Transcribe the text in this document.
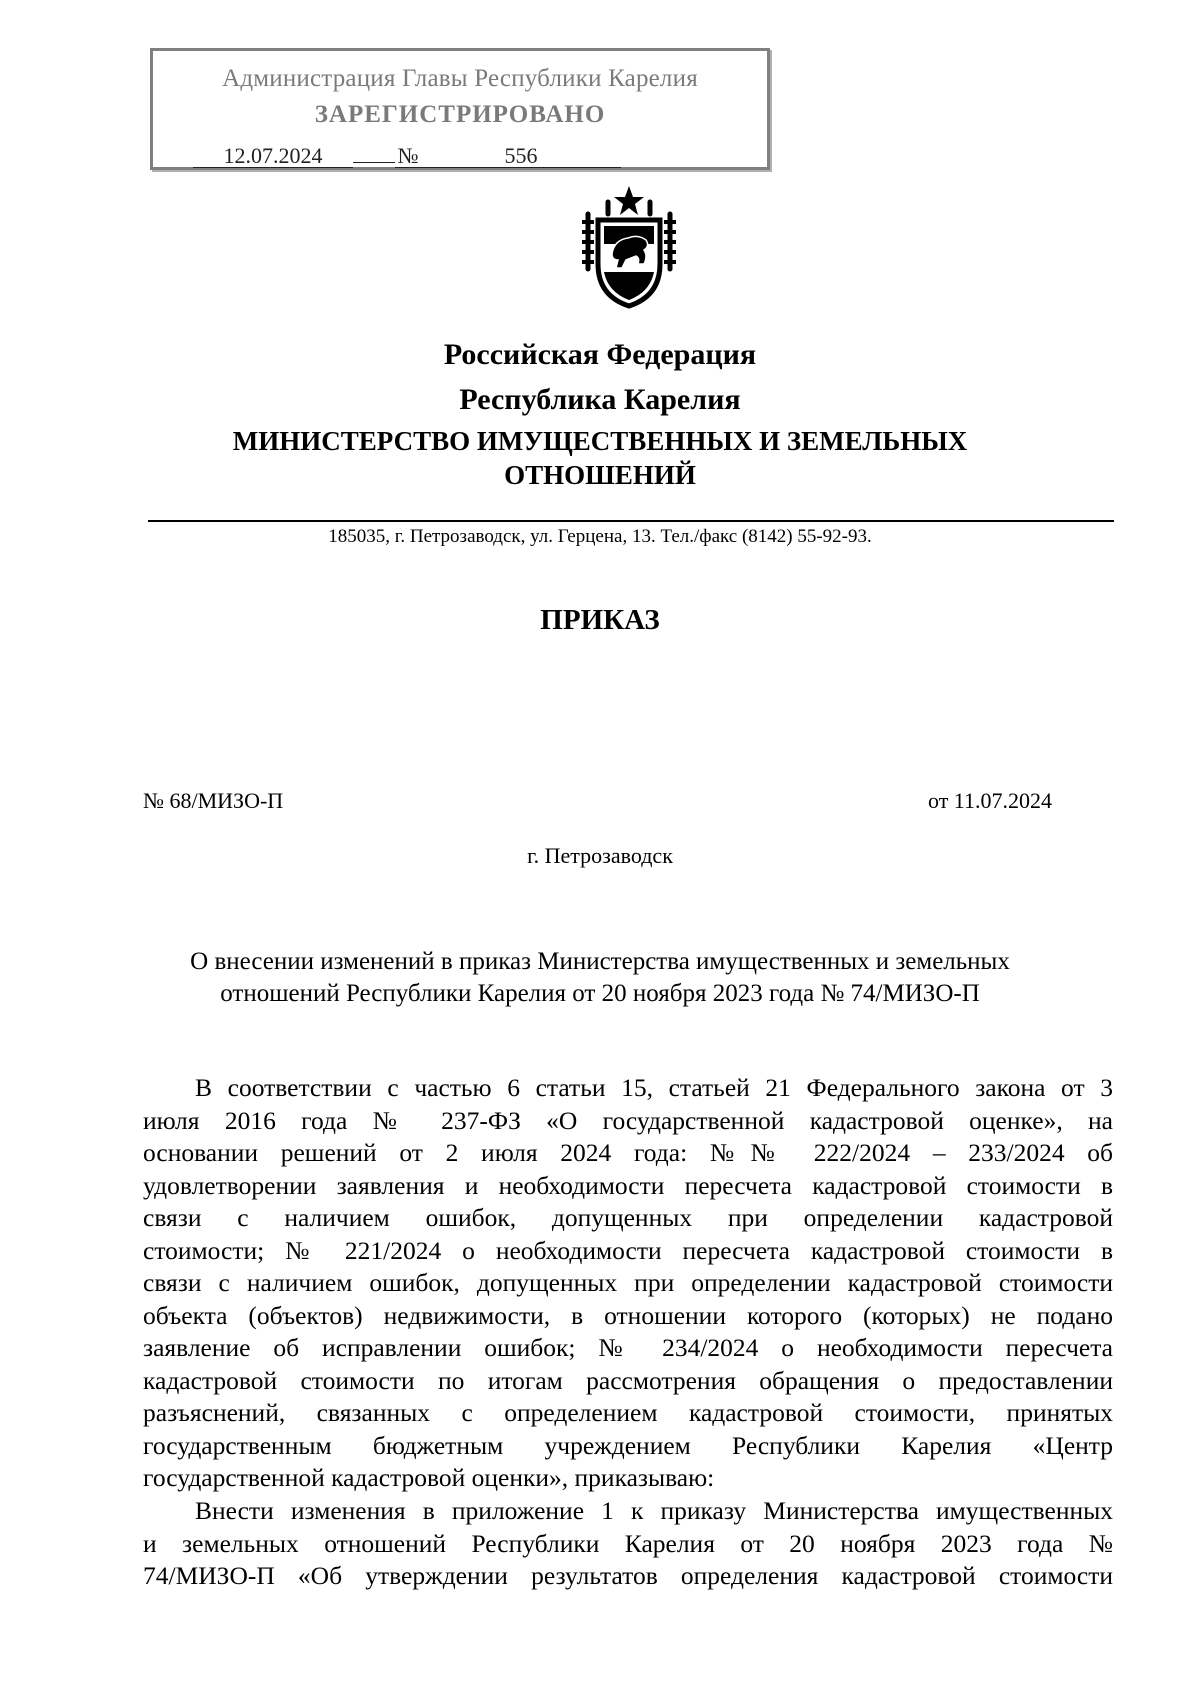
Администрация Главы Республики Карелия
ЗАРЕГИСТРИРОВАНО
12.07.2024	№	556
Российская Федерация
Республика Карелия
МИНИСТЕРСТВО ИМУЩЕСТВЕННЫХ И ЗЕМЕЛЬНЫХ
ОТНОШЕНИЙ
185035, г. Петрозаводск, ул. Герцена, 13. Тел./факс (8142) 55-92-93.
ПРИКАЗ
№ 68/МИЗО-П	от 11.07.2024
г. Петрозаводск
О внесении изменений в приказ Министерства имущественных и земельных
отношений Республики Карелия от 20 ноября 2023 года № 74/МИЗО-П
В соответствии с частью 6 статьи 15, статьей 21 Федерального закона от 3
июля 2016 года № 237-ФЗ «О государственной кадастровой оценке», на
основании решений от 2 июля 2024 года: №№ 222/2024 – 233/2024 об
удовлетворении заявления и необходимости пересчета кадастровой стоимости в
связи с наличием ошибок, допущенных при определении кадастровой
стоимости; № 221/2024 о необходимости пересчета кадастровой стоимости в
связи с наличием ошибок, допущенных при определении кадастровой стоимости
объекта (объектов) недвижимости, в отношении которого (которых) не подано
заявление об исправлении ошибок; № 234/2024 о необходимости пересчета
кадастровой стоимости по итогам рассмотрения обращения о предоставлении
разъяснений, связанных с определением кадастровой стоимости, принятых
государственным бюджетным учреждением Республики Карелия «Центр
государственной кадастровой оценки», приказываю:
Внести изменения в приложение 1 к приказу Министерства имущественных
и земельных отношений Республики Карелия от 20 ноября 2023 года №
74/МИЗО-П «Об утверждении результатов определения кадастровой стоимости
